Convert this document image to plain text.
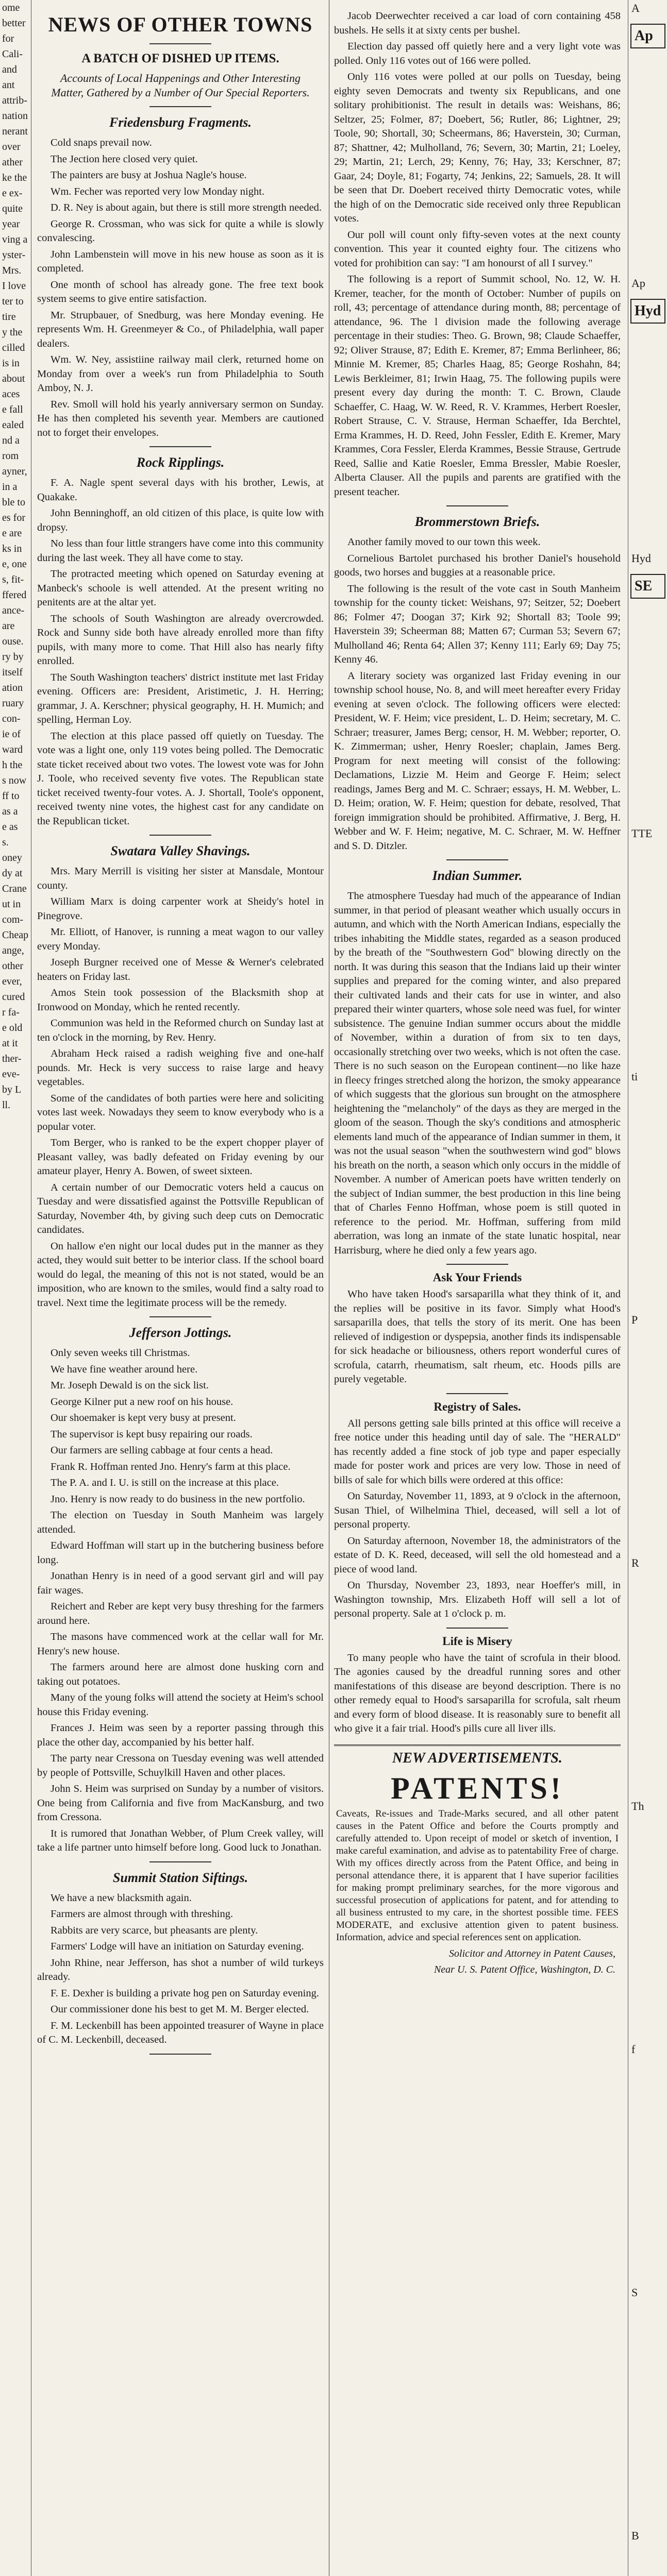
ome
better
for
Cali-
and
ant
attrib-
nation
nerant
over
ather
ke the
e ex-
quite
year
ving a
yster-
Mrs.
I love
ter to
tire
y the
cilled
is in
about
aces
e fall
ealed
nd a
rom
ayner,
in a
ble to
es for
e are
ks in
e, one
s, fit-
ffered
ance-
are
ouse.
ry by
itself
ation
ruary
con-
ie of
ward
h the
s now
ff to
as a
e as
s.
oney
dy at
Crane
ut in
com-
Cheap
ange,
other
ever,
cured
r fa-
e old
at it
ther-
eve-
by L
ll.
NEWS OF OTHER TOWNS
A BATCH OF DISHED UP ITEMS.
Accounts of Local Happenings and Other Interesting Matter, Gathered by a Number of Our Special Reporters.
Friedensburg Fragments.

Cold snaps prevail now.

The Jection here closed very quiet.

The painters are busy at Joshua Nagle's house.

Wm. Fecher was reported very low Monday night.

D. R. Ney is about again, but there is still more strength needed.

George R. Crossman, who was sick for quite a while is slowly convalescing.

John Lambenstein will move in his new house as soon as it is completed.

One month of school has already gone. The free text book system seems to give entire satisfaction.

Mr. Strupbauer, of Snedburg, was here Monday evening. He represents Wm. H. Greenmeyer & Co., of Philadelphia, wall paper dealers.

Wm. W. Ney, assistiine railway mail clerk, returned home on Monday from over a week's run from Philadelphia to South Amboy, N. J.

Rev. Smoll will hold his yearly anniversary sermon on Sunday. He has then completed his seventh year. Members are cautioned not to forget their envelopes.

Rock Ripplings.

F. A. Nagle spent several days with his brother, Lewis, at Quakake.

John Benninghoff, an old citizen of this place, is quite low with dropsy.

No less than four little strangers have come into this community during the last week. They all have come to stay.

The protracted meeting which opened on Saturday evening at Manbeck's schoole is well attended. At the present writing no penitents are at the altar yet.

The schools of South Washington are already overcrowded. Rock and Sunny side both have already enrolled more than fifty pupils, with many more to come. That Hill also has nearly fifty enrolled.

The South Washington teachers' district institute met last Friday evening. Officers are: President, Aristimetic, J. H. Herring; grammar, J. A. Kerschner; physical geography, H. H. Mumich; and spelling, Herman Loy.

The election at this place passed off quietly on Tuesday. The vote was a light one, only 119 votes being polled. The Democratic state ticket received about two votes. The lowest vote was for John J. Toole, who received seventy five votes. The Republican state ticket received twenty-four votes. A. J. Shortall, Toole's opponent, received twenty nine votes, the highest cast for any candidate on the Republican ticket.

Swatara Valley Shavings.

Mrs. Mary Merrill is visiting her sister at Mansdale, Montour county.

William Marx is doing carpenter work at Sheidy's hotel in Pinegrove.

Mr. Elliott, of Hanover, is running a meat wagon to our valley every Monday.

Joseph Burgner received one of Messe & Werner's celebrated heaters on Friday last.

Amos Stein took possession of the Blacksmith shop at Ironwood on Monday, which he rented recently.

Communion was held in the Reformed church on Sunday last at ten o'clock in the morning, by Rev. Henry.

Abraham Heck raised a radish weighing five and one-half pounds. Mr. Heck is very success to raise large and heavy vegetables.

Some of the candidates of both parties were here and soliciting votes last week. Nowadays they seem to know everybody who is a popular voter.

Tom Berger, who is ranked to be the expert chopper player of Pleasant valley, was badly defeated on Friday evening by our amateur player, Henry A. Bowen, of sweet sixteen.

A certain number of our Democratic voters held a caucus on Tuesday and were dissatisfied against the Pottsville Republican of Saturday, November 4th, by giving such deep cuts on Democratic candidates.

On hallow e'en night our local dudes put in the manner as they acted, they would suit better to be interior class. If the school board would do legal, the meaning of this not is not stated, would be an imposition, who are known to the smiles, would find a salty road to travel. Next time the legitimate process will be the remedy.

Jefferson Jottings.

Only seven weeks till Christmas.

We have fine weather around here.

Mr. Joseph Dewald is on the sick list.

George Kilner put a new roof on his house.

Our shoemaker is kept very busy at present.

The supervisor is kept busy repairing our roads.

Our farmers are selling cabbage at four cents a head.

Frank R. Hoffman rented Jno. Henry's farm at this place.

The P. A. and I. U. is still on the increase at this place.

Jno. Henry is now ready to do business in the new portfolio.

The election on Tuesday in South Manheim was largely attended.

Edward Hoffman will start up in the butchering business before long.

Jonathan Henry is in need of a good servant girl and will pay fair wages.

Reichert and Reber are kept very busy threshing for the farmers around here.

The masons have commenced work at the cellar wall for Mr. Henry's new house.

The farmers around here are almost done husking corn and taking out potatoes.

Many of the young folks will attend the society at Heim's school house this Friday evening.

Frances J. Heim was seen by a reporter passing through this place the other day, accompanied by his better half.

The party near Cressona on Tuesday evening was well attended by people of Pottsville, Schuylkill Haven and other places.

John S. Heim was surprised on Sunday by a number of visitors. One being from California and five from MacKansburg, and two from Cressona.

It is rumored that Jonathan Webber, of Plum Creek valley, will take a life partner unto himself before long. Good luck to Jonathan.

Summit Station Siftings.

We have a new blacksmith again.

Farmers are almost through with threshing.

Rabbits are very scarce, but pheasants are plenty.

Farmers' Lodge will have an initiation on Saturday evening.

John Rhine, near Jefferson, has shot a number of wild turkeys already.

F. E. Dexher is building a private hog pen on Saturday evening.

Our commissioner done his best to get M. M. Berger elected.

F. M. Leckenbill has been appointed treasurer of Wayne in place of C. M. Leckenbill, deceased.

Jacob Deerwechter received a car load of corn containing 458 bushels. He sells it at sixty cents per bushel.

Election day passed off quietly here and a very light vote was polled. Only 116 votes out of 166 were polled.

Only 116 votes were polled at our polls on Tuesday, being eighty seven Democrats and twenty six Republicans, and one solitary prohibitionist. The result in details was: Weishans, 86; Seltzer, 25; Folmer, 87; Doebert, 56; Rutler, 86; Lightner, 29; Toole, 90; Shortall, 30; Scheermans, 86; Haverstein, 30; Curman, 87; Shattner, 42; Mulholland, 76; Severn, 30; Martin, 21; Loeley, 29; Martin, 21; Lerch, 29; Kenny, 76; Hay, 33; Kerschner, 87; Gaar, 24; Doyle, 81; Fogarty, 74; Jenkins, 22; Samuels, 28. It will be seen that Dr. Doebert received thirty Democratic votes, while the high of on the Democratic side received only three Republican votes.

Our poll will count only fifty-seven votes at the next county convention. This year it counted eighty four. The citizens who voted for prohibition can say: "I am honourst of all I survey."

The following is a report of Summit school, No. 12, W. H. Kremer, teacher, for the month of October: Number of pupils on roll, 43; percentage of attendance during month, 88; percentage of attendance, 96. The l division made the following average percentage in their studies: Theo. G. Brown, 98; Claude Schaeffer, 92; Oliver Strause, 87; Edith E. Kremer, 87; Emma Berlinheer, 86; Minnie M. Kremer, 85; Charles Haag, 85; George Roshahn, 84; Lewis Berkleimer, 81; Irwin Haag, 75. The following pupils were present every day during the month: T. C. Brown, Claude Schaeffer, C. Haag, W. W. Reed, R. V. Krammes, Herbert Roesler, Robert Strause, C. V. Strause, Herman Schaeffer, Ida Berchtel, Erma Krammes, H. D. Reed, John Fessler, Edith E. Kremer, Mary Krammes, Cora Fessler, Elerda Krammes, Bessie Strause, Gertrude Reed, Sallie and Katie Roesler, Emma Bressler, Mabie Roesler, Alberta Clauser. All the pupils and parents are gratified with the present teacher.

Brommerstown Briefs.

Another family moved to our town this week.

Cornelious Bartolet purchased his brother Daniel's household goods, two horses and buggies at a reasonable price.

The following is the result of the vote cast in South Manheim township for the county ticket: Weishans, 97; Seitzer, 52; Doebert 86; Folmer 47; Doogan 37; Kirk 92; Shortall 83; Toole 99; Haverstein 39; Scheerman 88; Matten 67; Curman 53; Severn 67; Mulholland 46; Renta 64; Allen 37; Kenny 111; Early 69; Day 75; Kenny 46.

A literary society was organized last Friday evening in our township school house, No. 8, and will meet hereafter every Friday evening at seven o'clock. The following officers were elected: President, W. F. Heim; vice president, L. D. Heim; secretary, M. C. Schraer; treasurer, James Berg; censor, H. M. Webber; reporter, O. K. Zimmerman; usher, Henry Roesler; chaplain, James Berg. Program for next meeting will consist of the following: Declamations, Lizzie M. Heim and George F. Heim; select readings, James Berg and M. C. Schraer; essays, H. M. Webber, L. D. Heim; oration, W. F. Heim; question for debate, resolved, That foreign immigration should be prohibited. Affirmative, J. Berg, H. Webber and W. F. Heim; negative, M. C. Schraer, M. W. Heffner and S. D. Ditzler.

Indian Summer.

The atmosphere Tuesday had much of the appearance of Indian summer, in that period of pleasant weather which usually occurs in autumn, and which with the North American Indians, especially the tribes inhabiting the Middle states, regarded as a season produced by the breath of the "Southwestern God" blowing directly on the north. It was during this season that the Indians laid up their winter supplies and prepared for the coming winter, and also prepared their cultivated lands and their cats for use in winter, and also prepared their winter quarters, whose sole need was fuel, for winter subsistence. The genuine Indian summer occurs about the middle of November, within a duration of from six to ten days, occasionally stretching over two weeks, which is not often the case. There is no such season on the European continent—no like haze in fleecy fringes stretched along the horizon, the smoky appearance of which suggests that the glorious sun brought on the atmosphere heightening the "melancholy" of the days as they are merged in the gloom of the season. Though the sky's conditions and atmospheric elements land much of the appearance of Indian summer in them, it was not the usual season "when the southwestern wind god" blows his breath on the north, a season which only occurs in the middle of November. A number of American poets have written tenderly on the subject of Indian summer, the best production in this line being that of Charles Fenno Hoffman, whose poem is still quoted in reference to the period. Mr. Hoffman, suffering from mild aberration, was long an inmate of the state lunatic hospital, near Harrisburg, where he died only a few years ago.

Ask Your Friends

Who have taken Hood's sarsaparilla what they think of it, and the replies will be positive in its favor. Simply what Hood's sarsaparilla does, that tells the story of its merit. One has been relieved of indigestion or dyspepsia, another finds its indispensable for sick headache or biliousness, others report wonderful cures of scrofula, catarrh, rheumatism, salt rheum, etc. Hoods pills are purely vegetable.

Registry of Sales.

All persons getting sale bills printed at this office will receive a free notice under this heading until day of sale. The "HERALD" has recently added a fine stock of job type and paper especially made for poster work and prices are very low. Those in need of bills of sale for which bills were ordered at this office:

On Saturday, November 11, 1893, at 9 o'clock in the afternoon, Susan Thiel, of Wilhelmina Thiel, deceased, will sell a lot of personal property.

On Saturday afternoon, November 18, the administrators of the estate of D. K. Reed, deceased, will sell the old homestead and a piece of wood land.

On Thursday, November 23, 1893, near Hoeffer's mill, in Washington township, Mrs. Elizabeth Hoff will sell a lot of personal property. Sale at 1 o'clock p. m.

Life is Misery

To many people who have the taint of scrofula in their blood. The agonies caused by the dreadful running sores and other manifestations of this disease are beyond description. There is no other remedy equal to Hood's sarsaparilla for scrofula, salt rheum and every form of blood disease. It is reasonably sure to benefit all who give it a fair trial. Hood's pills cure all liver ills.

NEW ADVERTISEMENTS.
PATENTS!
Caveats, Re-issues and Trade-Marks secured, and all other patent causes in the Patent Office and before the Courts promptly and carefully attended to. Upon receipt of model or sketch of invention, I make careful examination, and advise as to patentability Free of charge. With my offices directly across from the Patent Office, and being in personal attendance there, it is apparent that I have superior facilities for making prompt preliminary searches, for the more vigorous and successful prosecution of applications for patent, and for attending to all business entrusted to my care, in the shortest possible time. FEES MODERATE, and exclusive attention given to patent business. Information, advice and special references sent on application.
Solicitor and Attorney in Patent Causes,
Near U. S. Patent Office, Washington, D. C.
A
Ap
Ap
Hyd
Hyd
SE
TTE
ti
P
R
Th
f
S
B
